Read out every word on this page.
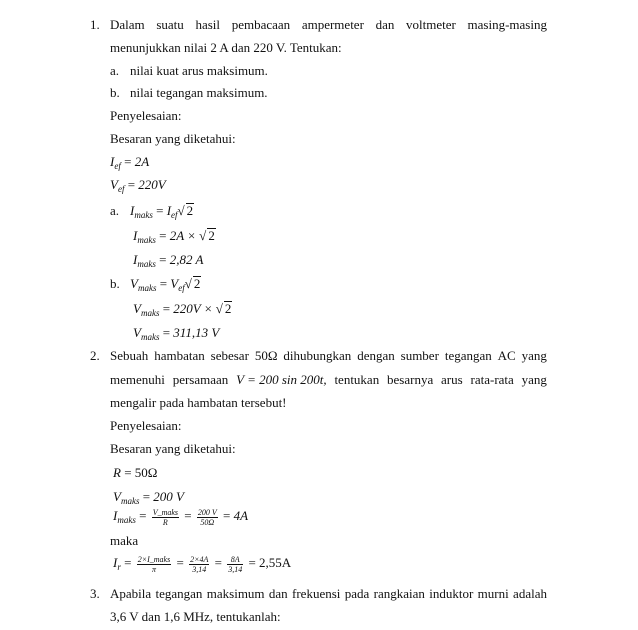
1. Dalam suatu hasil pembacaan ampermeter dan voltmeter masing-masing
menunjukkan nilai 2 A dan 220 V. Tentukan:
a. nilai kuat arus maksimum.
b. nilai tegangan maksimum.
Penyelesaian:
Besaran yang diketahui:
$I_{ef} = 2A$
$V_{ef} = 220V$
a. $I_{maks} = I_{ef}√$ 2
$I_{maks} = 2A$ × √ 2
$I_{maks} = 2,82$ A
b. $V_{maks} = V_{ef}√$ 2
$V_{maks} = 220V$ × √ 2
$V_{maks} = 311,13$ V
2. Sebuah hambatan sebesar 50Ω dihubungkan dengan sumber tegangan AC yang
memenuhi persamaan V = 200 sin 200t, tentukan besarnya arus rata-rata yang
mengalir pada hambatan tersebut!
Penyelesaian:
Besaran yang diketahui:
R = 50Ω
$V_{maks} = 200$ V
$I_{maks} = \frac{\text{V\_maks}}{R} = \frac{200 V}{50\Omega} = 4A$
maka
$I_r = \frac{\text{2×I\_maks}}{\pi} = \frac{2\times 4A}{3,14} = \frac{8A}{3,14} = 2,55A$
3. Apabila tegangan maksimum dan frekuensi pada rangkaian induktor murni adalah
3,6 V dan 1,6 MHz, tentukanlah:
